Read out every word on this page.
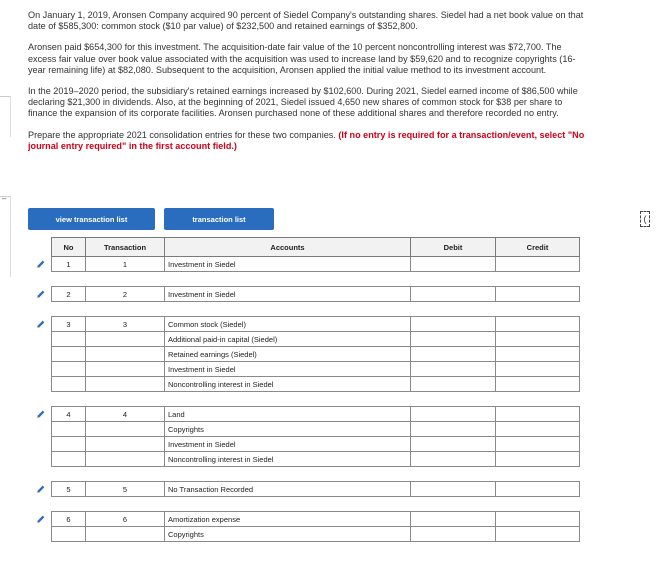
–

On January 1, 2019, Aronsen Company acquired 90 percent of Siedel Company's outstanding shares. Siedel had a net book value on that date of $585,300: common stock ($10 par value) of $232,500 and retained earnings of $352,800.

Aronsen paid $654,300 for this investment. The acquisition-date fair value of the 10 percent noncontrolling interest was $72,700. The excess fair value over book value associated with the acquisition was used to increase land by $59,620 and to recognize copyrights (16-year remaining life) at $82,080. Subsequent to the acquisition, Aronsen applied the initial value method to its investment account.

In the 2019–2020 period, the subsidiary's retained earnings increased by $102,600. During 2021, Siedel earned income of $86,500 while declaring $21,300 in dividends. Also, at the beginning of 2021, Siedel issued 4,650 new shares of common stock for $38 per share to finance the expansion of its corporate facilities. Aronsen purchased none of these additional shares and therefore recorded no entry.

Prepare the appropriate 2021 consolidation entries for these two companies. (If no entry is required for a transaction/event, select "No journal entry required" in the first account field.)

view transaction list	transaction list	(
No	Transaction	Accounts	Debit	Credit
1	1	Investment in Siedel		

2	2	Investment in Siedel		

3	3	Common stock (Siedel)		
		Additional paid-in capital (Siedel)		
		Retained earnings (Siedel)		
		Investment in Siedel		
		Noncontrolling interest in Siedel		

4	4	Land		
		Copyrights		
		Investment in Siedel		
		Noncontrolling interest in Siedel		

5	5	No Transaction Recorded		

6	6	Amortization expense		
		Copyrights		
